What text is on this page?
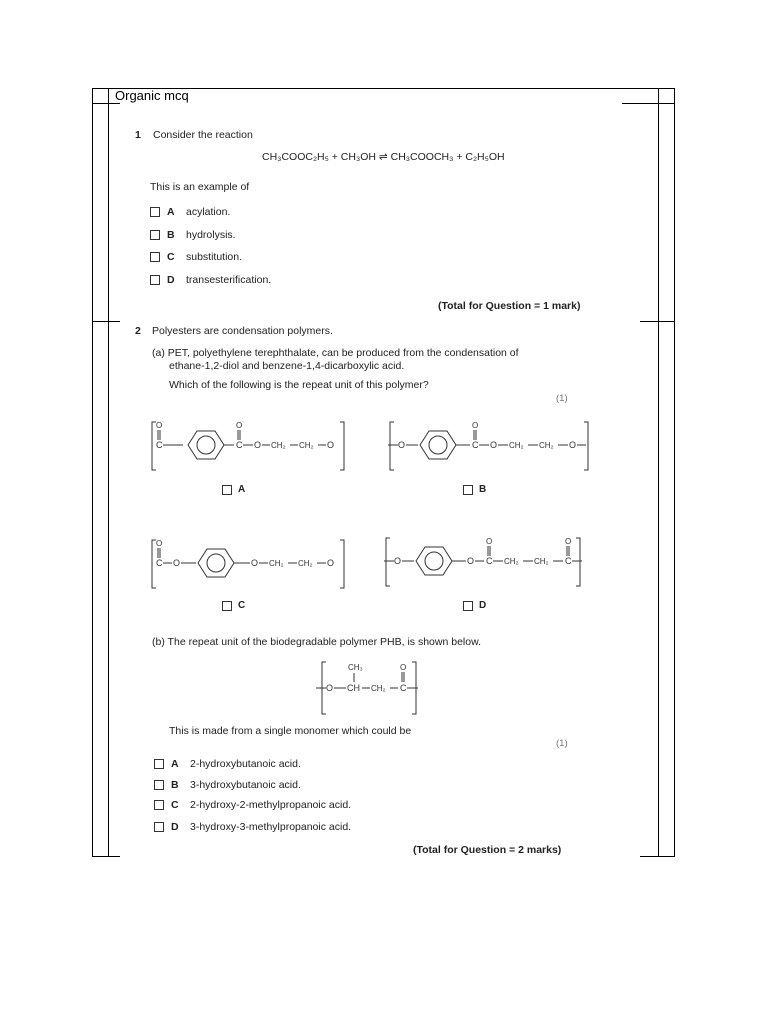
Organic mcq
1 Consider the reaction
CH₃COOC₂H₅ + CH₃OH ⇌ CH₃COOCH₃ + C₂H₅OH
This is an example of
A	acylation.
B	hydrolysis.
C	substitution.
D	transesterification.
(Total for Question = 1 mark)
2 Polyesters are condensation polymers.
(a) PET, polyethylene terephthalate, can be produced from the condensation of
ethane-1,2-diol and benzene-1,4-dicarboxylic acid.
Which of the following is the repeat unit of this polymer?
(1)
O
C
O
C O CH₂ CH₂ O
A
O
O
C O CH₂ CH₂ O
B
O
C O	O CH₂ CH₂ O
C
O	O
O
C CH₂ CH₂
O
C
D
(b) The repeat unit of the biodegradable polymer PHB, is shown below.
O
CH₃
CH CH₂
O
C
This is made from a single monomer which could be
(1)
A	2-hydroxybutanoic acid.
B	3-hydroxybutanoic acid.
C	2-hydroxy-2-methylpropanoic acid.
D	3-hydroxy-3-methylpropanoic acid.
(Total for Question = 2 marks)
